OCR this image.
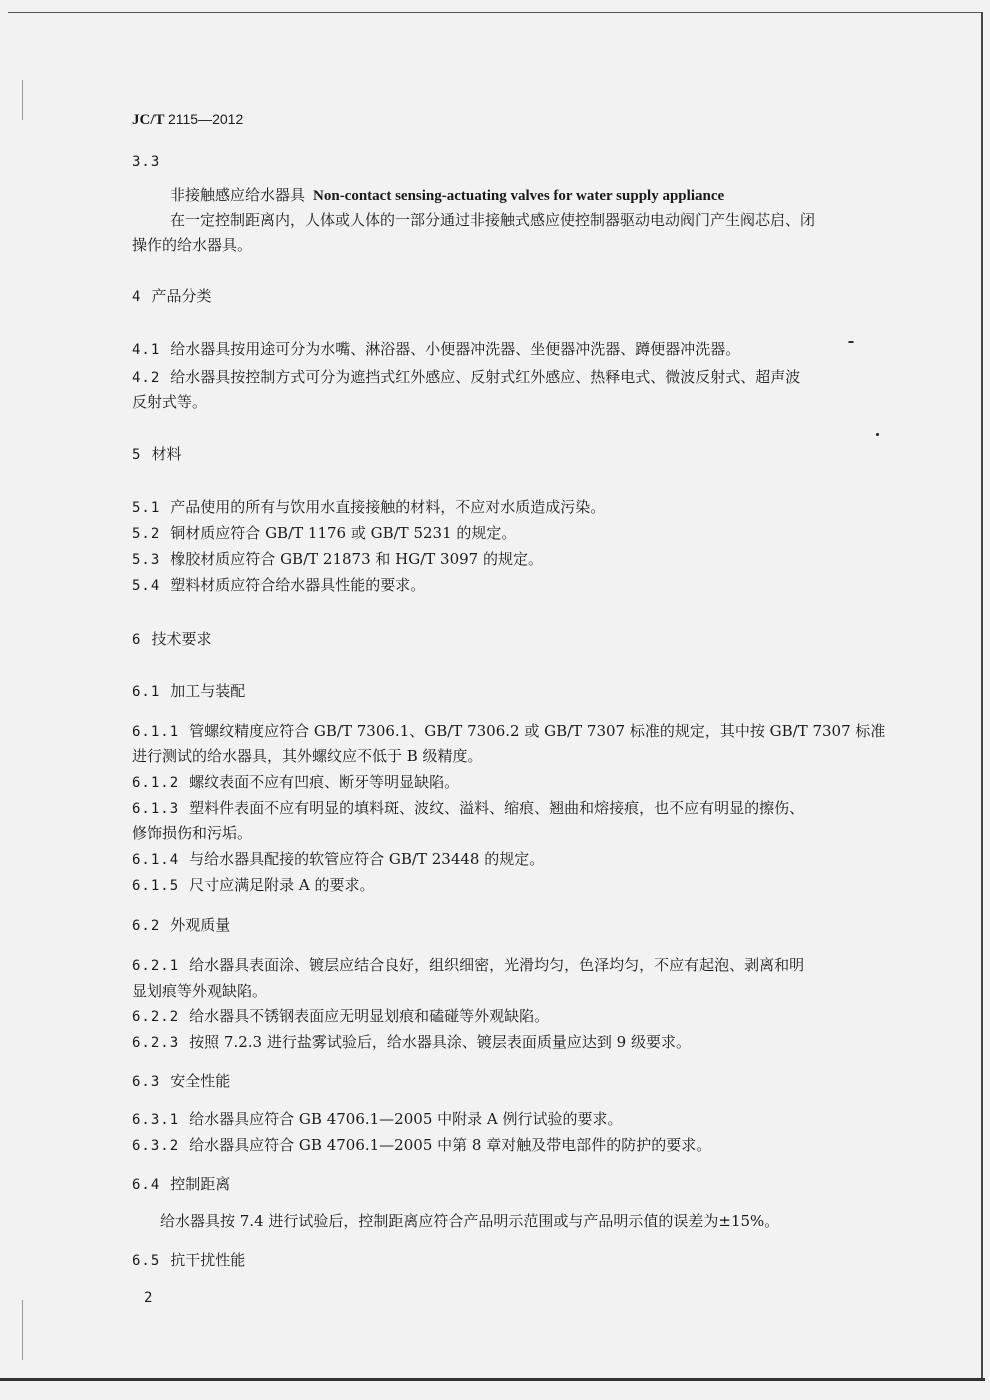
JC/T 2115—2012
3.3
非接触感应给水器具 Non-contact sensing-actuating valves for water supply appliance
在一定控制距离内，人体或人体的一部分通过非接触式感应使控制器驱动电动阀门产生阀芯启、闭
操作的给水器具。
4 产品分类
4.1 给水器具按用途可分为水嘴、淋浴器、小便器冲洗器、坐便器冲洗器、蹲便器冲洗器。
4.2 给水器具按控制方式可分为遮挡式红外感应、反射式红外感应、热释电式、微波反射式、超声波
反射式等。
5 材料
5.1 产品使用的所有与饮用水直接接触的材料，不应对水质造成污染。
5.2 铜材质应符合 GB/T 1176 或 GB/T 5231 的规定。
5.3 橡胶材质应符合 GB/T 21873 和 HG/T 3097 的规定。
5.4 塑料材质应符合给水器具性能的要求。
6 技术要求
6.1 加工与装配
6.1.1 管螺纹精度应符合 GB/T 7306.1、GB/T 7306.2 或 GB/T 7307 标准的规定，其中按 GB/T 7307 标准
进行测试的给水器具，其外螺纹应不低于 B 级精度。
6.1.2 螺纹表面不应有凹痕、断牙等明显缺陷。
6.1.3 塑料件表面不应有明显的填料斑、波纹、溢料、缩痕、翘曲和熔接痕，也不应有明显的擦伤、
修饰损伤和污垢。
6.1.4 与给水器具配接的软管应符合 GB/T 23448 的规定。
6.1.5 尺寸应满足附录 A 的要求。
6.2 外观质量
6.2.1 给水器具表面涂、镀层应结合良好，组织细密，光滑均匀，色泽均匀，不应有起泡、剥离和明
显划痕等外观缺陷。
6.2.2 给水器具不锈钢表面应无明显划痕和磕碰等外观缺陷。
6.2.3 按照 7.2.3 进行盐雾试验后，给水器具涂、镀层表面质量应达到 9 级要求。
6.3 安全性能
6.3.1 给水器具应符合 GB 4706.1—2005 中附录 A 例行试验的要求。
6.3.2 给水器具应符合 GB 4706.1—2005 中第 8 章对触及带电部件的防护的要求。
6.4 控制距离
给水器具按 7.4 进行试验后，控制距离应符合产品明示范围或与产品明示值的误差为±15%。
6.5 抗干扰性能
2
